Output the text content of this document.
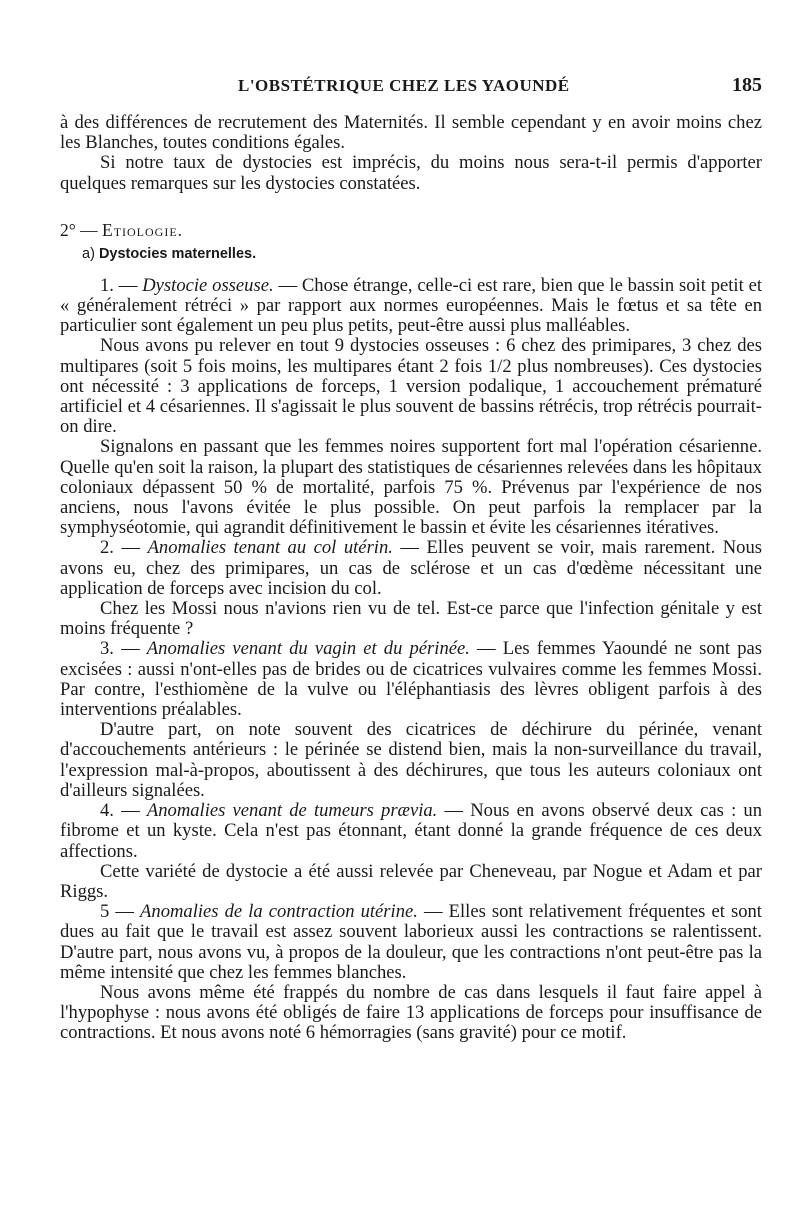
L'OBSTÉTRIQUE CHEZ LES YAOUNDÉ	185

à des différences de recrutement des Maternités. Il semble cependant y en avoir moins chez les Blanches, toutes conditions égales.

Si notre taux de dystocies est imprécis, du moins nous sera-t-il permis d'apporter quelques remarques sur les dystocies constatées.

2° — Etiologie.
a) Dystocies maternelles.

1. — Dystocie osseuse. — Chose étrange, celle-ci est rare, bien que le bassin soit petit et « généralement rétréci » par rapport aux normes européennes. Mais le fœtus et sa tête en particulier sont également un peu plus petits, peut-être aussi plus malléables.

Nous avons pu relever en tout 9 dystocies osseuses : 6 chez des primipares, 3 chez des multipares (soit 5 fois moins, les multipares étant 2 fois 1/2 plus nombreuses). Ces dystocies ont nécessité : 3 applications de forceps, 1 version podalique, 1 accouchement prématuré artificiel et 4 césariennes. Il s'agissait le plus souvent de bassins rétrécis, trop rétrécis pourrait-on dire.

Signalons en passant que les femmes noires supportent fort mal l'opération césarienne. Quelle qu'en soit la raison, la plupart des statistiques de césariennes relevées dans les hôpitaux coloniaux dépassent 50 % de mortalité, parfois 75 %. Prévenus par l'expérience de nos anciens, nous l'avons évitée le plus possible. On peut parfois la remplacer par la symphyséotomie, qui agrandit définitivement le bassin et évite les césariennes itératives.

2. — Anomalies tenant au col utérin. — Elles peuvent se voir, mais rarement. Nous avons eu, chez des primipares, un cas de sclérose et un cas d'œdème nécessitant une application de forceps avec incision du col.

Chez les Mossi nous n'avions rien vu de tel. Est-ce parce que l'infection génitale y est moins fréquente ?

3. — Anomalies venant du vagin et du périnée. — Les femmes Yaoundé ne sont pas excisées : aussi n'ont-elles pas de brides ou de cicatrices vulvaires comme les femmes Mossi. Par contre, l'esthiomène de la vulve ou l'éléphantiasis des lèvres obligent parfois à des interventions préalables.

D'autre part, on note souvent des cicatrices de déchirure du périnée, venant d'accouchements antérieurs : le périnée se distend bien, mais la non-surveillance du travail, l'expression mal-à-propos, aboutissent à des déchirures, que tous les auteurs coloniaux ont d'ailleurs signalées.

4. — Anomalies venant de tumeurs prævia. — Nous en avons observé deux cas : un fibrome et un kyste. Cela n'est pas étonnant, étant donné la grande fréquence de ces deux affections.

Cette variété de dystocie a été aussi relevée par Cheneveau, par Nogue et Adam et par Riggs.

5 — Anomalies de la contraction utérine. — Elles sont relativement fréquentes et sont dues au fait que le travail est assez souvent laborieux aussi les contractions se ralentissent. D'autre part, nous avons vu, à propos de la douleur, que les contractions n'ont peut-être pas la même intensité que chez les femmes blanches.

Nous avons même été frappés du nombre de cas dans lesquels il faut faire appel à l'hypophyse : nous avons été obligés de faire 13 applications de forceps pour insuffisance de contractions. Et nous avons noté 6 hémorragies (sans gravité) pour ce motif.
